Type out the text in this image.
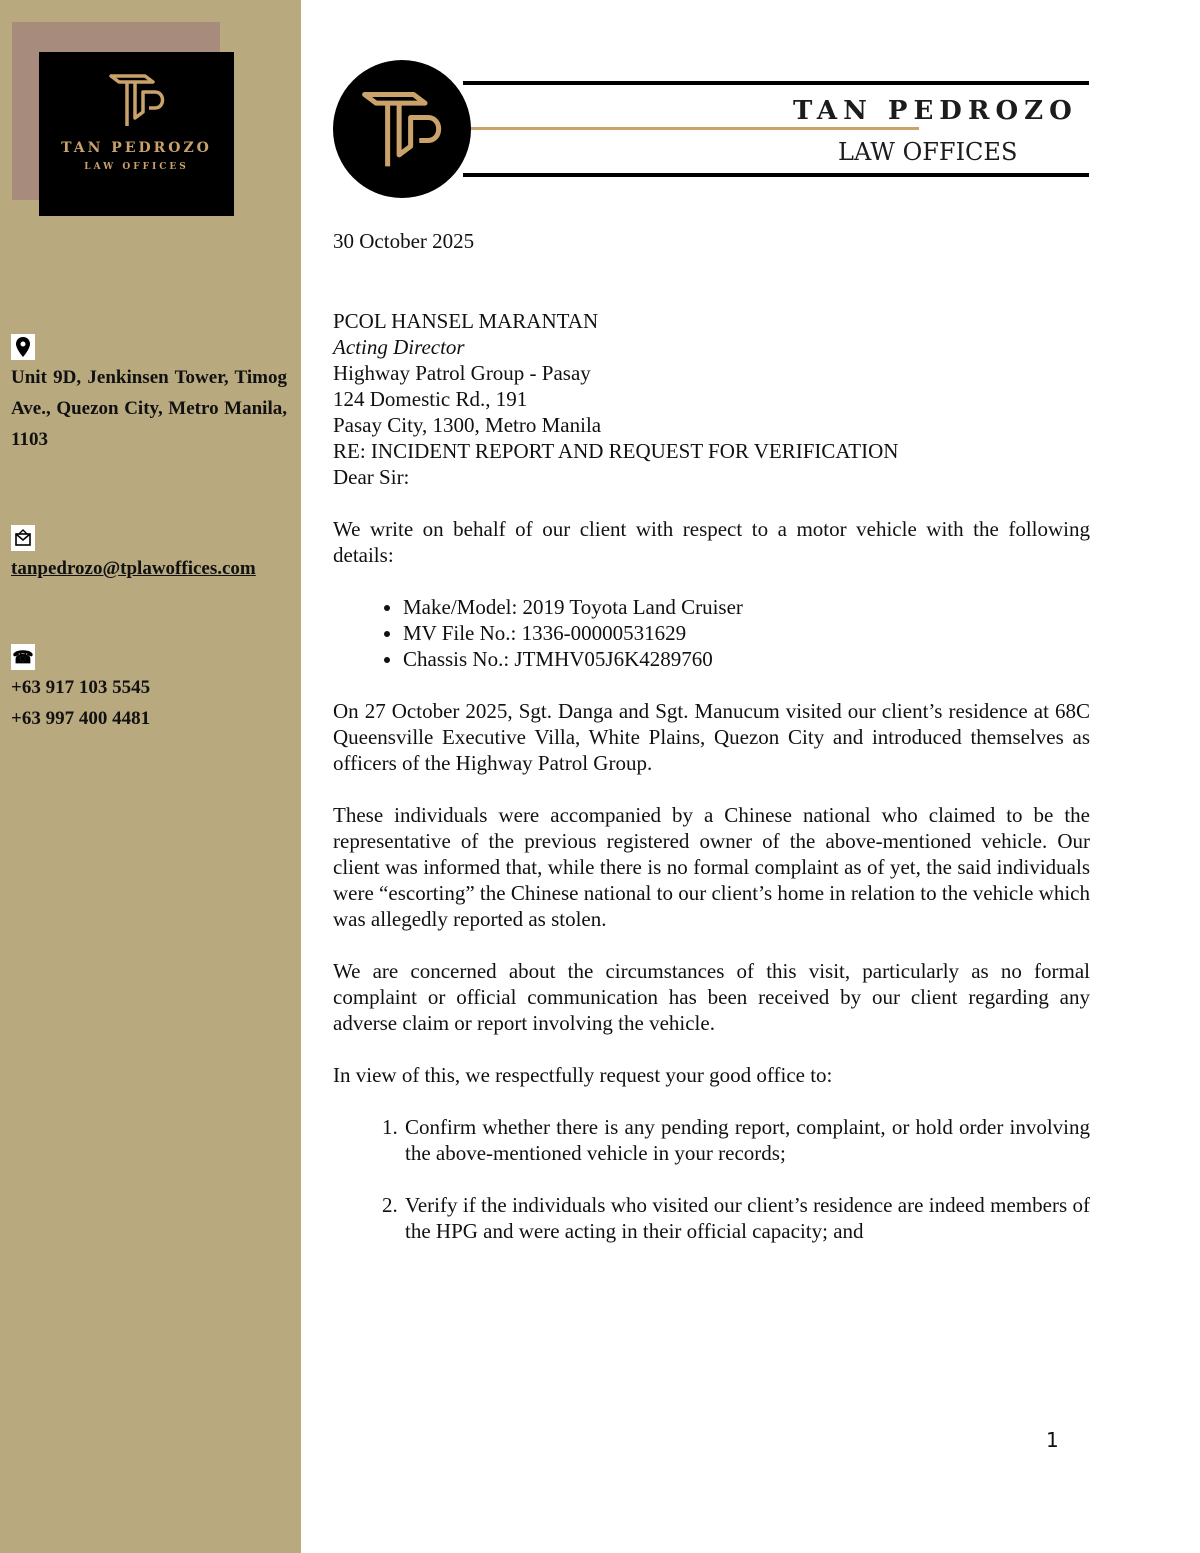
TAN PEDROZO
LAW OFFICES

Unit 9D, Jenkinsen Tower, Timog Ave., Quezon City, Metro Manila, 1103

tanpedrozo@tplawoffices.com
☎
+63 917 103 5545
+63 997 400 4481
TAN PEDROZO
LAW OFFICES

30 October 2025

PCOL HANSEL MARANTAN
Acting Director
Highway Patrol Group - Pasay
124 Domestic Rd., 191
Pasay City, 1300, Metro Manila

RE: INCIDENT REPORT AND REQUEST FOR VERIFICATION

Dear Sir:

We write on behalf of our client with respect to a motor vehicle with the following details:

• Make/Model: 2019 Toyota Land Cruiser
• MV File No.: 1336-00000531629
• Chassis No.: JTMHV05J6K4289760

On 27 October 2025, Sgt. Danga and Sgt. Manucum visited our client’s residence at 68C Queensville Executive Villa, White Plains, Quezon City and introduced themselves as officers of the Highway Patrol Group.

These individuals were accompanied by a Chinese national who claimed to be the representative of the previous registered owner of the above-mentioned vehicle. Our client was informed that, while there is no formal complaint as of yet, the said individuals were “escorting” the Chinese national to our client’s home in relation to the vehicle which was allegedly reported as stolen.

We are concerned about the circumstances of this visit, particularly as no formal complaint or official communication has been received by our client regarding any adverse claim or report involving the vehicle.

In view of this, we respectfully request your good office to:

1. Confirm whether there is any pending report, complaint, or hold order involving the above-mentioned vehicle in your records;
2. Verify if the individuals who visited our client’s residence are indeed members of the HPG and were acting in their official capacity; and
1
